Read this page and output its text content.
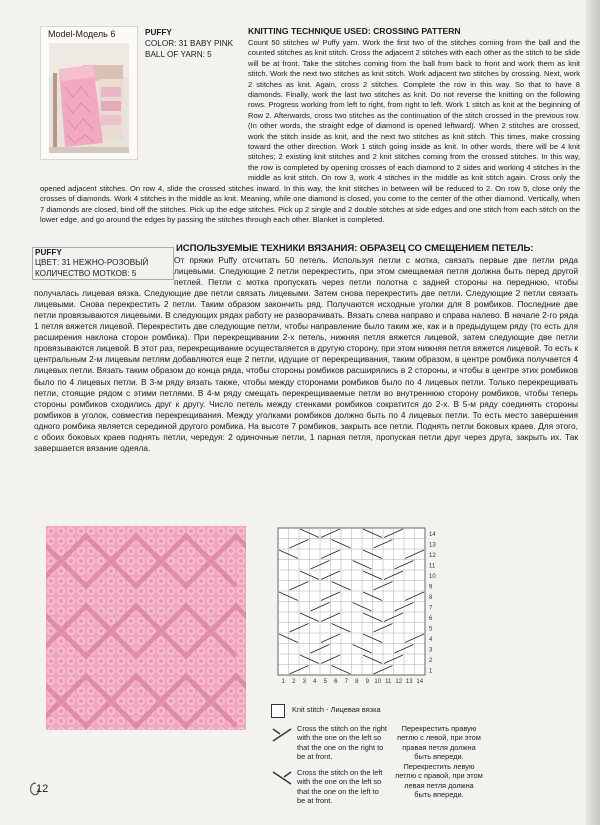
Model-Модель 6	PUFFY
COLOR: 31 BABY PINK
BALL OF YARN: 5
KNITTING TECHNIQUE USED: CROSSING PATTERN
Count 50 stitches w/ Puffy yarn. Work the first two of the stitches coming from the ball and the counted stitches as knit stitch. Cross the adjacent 2 stitches with each other as the stitch to be slide will be at front. Take the stitches coming from the ball from back to front and work them as knit stitch. Work the next two stitches as knit stitch. Work adjacent two stitches by crossing. Next, work 2 stitches as knit. Again, cross 2 stitches. Complete the row in this way. So that to have 8 diamonds. Finally, work the last two stitches as knit. Do not reverse the knitting on the following rows. Progress working from left to right, from right to left. Work 1 stitch as knit at the beginning of Row 2. Afterwards, cross two stitches as the continuation of the stitch crossed in the previous row. (In other words, the straight edge of diamond is opened leftward). When 2 stitches are crossed, work the stitch inside as knit, and the next two stitches as knit stitch. This times, make crossing toward the other direction. Work 1 stitch going inside as knit. In other words, there will be 4 knit stitches; 2 existing knit stitches and 2 knit stitches coming from the crossed stitches. In this way, the row is completed by opening crosses of each diamond to 2 sides and working 4 stitches in the middle as knit stitch. On row 3, work 4 stitches in the middle as knit stitch again. Cross only the opened adjacent stitches. On row 4, slide the crossed stitches inward. In this way, the knit stitches in between will be reduced to 2. On row 5, close only the crosses of diamonds. Work 4 stitches in the middle as knit. Meaning, while one diamond is closed, you come to the center of the other diamond. Vertically, when 7 diamonds are closed, bind off the stitches. Pick up the edge stitches. Pick up 2 single and 2 double stitches at side edges and one stitch from each stitch on the lower edge, and go around the edges by passing the stitches through each other. Blanket is completed.
PUFFY
ЦВЕТ: 31 НЕЖНО-РОЗОВЫЙ
КОЛИЧЕСТВО МОТКОВ: 5
ИСПОЛЬЗУЕМЫЕ ТЕХНИКИ ВЯЗАНИЯ: ОБРАЗЕЦ СО СМЕЩЕНИЕМ ПЕТЕЛЬ:
От пряжи Puffy отсчитать 50 петель. Используя петли с мотка, связать первые две петли ряда лицевыми. Следующие 2 петли перекрестить, при этом смещаемая петля должна быть перед другой петлей. Петли с мотка пропускать через петли полотна с задней стороны на переднюю, чтобы получалась лицевая вязка. Следующие две петли связать лицевыми. Затем снова перекрестить две петли. Следующие 2 петли связать лицевыми. Снова перекрестить 2 петли. Таким образом закончить ряд. Получаются исходные уголки для 8 ромбиков. Последние две петли провязываются лицевыми. В следующих рядах работу не разворачивать. Вязать слева направо и справа налево. В начале 2-го ряда 1 петля вяжется лицевой. Перекрестить две следующие петли, чтобы направление было таким же, как и в предыдущем ряду (то есть для расширения наклона сторон ромбика). При перекрещивании 2-х петель, нижняя петля вяжется лицевой, затем следующие две петли провязываются лицевой. В этот раз, перекрещивание осуществляется в другую сторону, при этом нижняя петля вяжется лицевой. То есть к центральным 2-м лицевым петлям добавляются еще 2 петли, идущие от перекрещивания, таким образом, в центре ромбика получается 4 лицевых петли. Вязать таким образом до конца ряда, чтобы стороны ромбиков расширялись в 2 стороны, и чтобы в центре этих ромбиков было по 4 лицевых петли. В 3-м ряду вязать также, чтобы между сторонами ромбиков было по 4 лицевых петли. Только перекрещивать петли, стоящие рядом с этими петлями. В 4-м ряду смещать перекрещиваемые петли во внутреннюю сторону ромбиков, чтобы теперь стороны ромбиков сходились друг к другу. Число петель между стенками ромбиков сократится до 2-х. В 5-м ряду соединять стороны ромбиков в уголок, совместив перекрещивания. Между уголками ромбиков должно быть по 4 лицевых петли. То есть место завершения одного ромбика является серединой другого ромбика. На высоте 7 ромбиков, закрыть все петли. Поднять петли боковых краев. Для этого, с обоих боковых краев поднять петли, чередуя: 2 одиночные петли, 1 парная петля, пропуская петли друг через друга, закрыть их. Так завершается вязание одеяла.
1
2
3
4
5
6
7
8
9
10
11
12
13
14
1 2 3 4 5 6 7 8 9 10 11 12 13 14
Knit stitch - Лицевая вязка
Cross the stitch on the right with the one on the left so that the one on the right to be at front.
Перекрестить правую петлю с левой, при этом правая петля должна быть впереди.
Cross the stitch on the left with the one on the left so that the one on the left to be at front.
Перекрестить левую петлю с правой, при этом левая петля должна быть впереди.
12
